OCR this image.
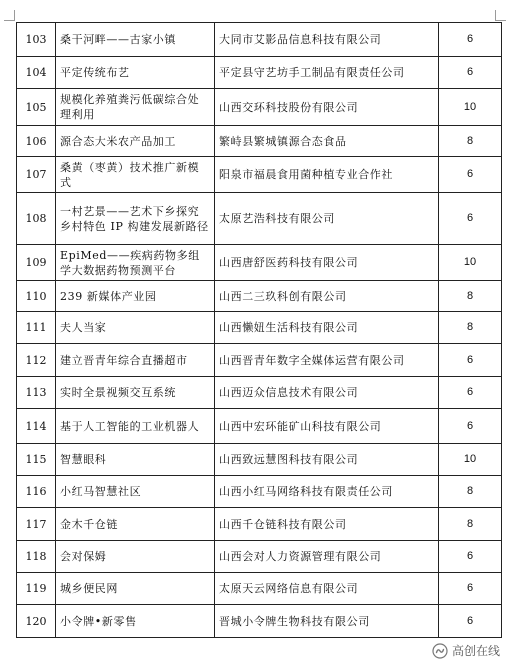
103	桑干河畔——古家小镇	大同市艾影品信息科技有限公司	6
104	平定传统布艺	平定县守艺坊手工制品有限责任公司	6
105	规模化养殖粪污低碳综合处理利用	山西交环科技股份有限公司	10
106	源合态大米农产品加工	繁峙县繁城镇源合态食品	8
107	桑黄（枣黄）技术推广新模式	阳泉市福晨食用菌种植专业合作社	6
108	一村艺景——艺术下乡探究乡村特色 IP 构建发展新路径	太原艺浩科技有限公司	6
109	EpiMed——疾病药物多组学大数据药物预测平台	山西唐舒医药科技有限公司	10
110	239 新媒体产业园	山西二三玖科创有限公司	8
111	夫人当家	山西懒妞生活科技有限公司	8
112	建立晋青年综合直播超市	山西晋青年数字全媒体运营有限公司	6
113	实时全景视频交互系统	山西迈众信息技术有限公司	6
114	基于人工智能的工业机器人	山西中宏环能矿山科技有限公司	6
115	智慧眼科	山西致远慧图科技有限公司	10
116	小红马智慧社区	山西小红马网络科技有限责任公司	8
117	金木千仓链	山西千仓链科技有限公司	8
118	会对保姆	山西会对人力资源管理有限公司	6
119	城乡便民网	太原天云网络信息有限公司	6
120	小令牌•新零售	晋城小令牌生物科技有限公司	6
高创在线
